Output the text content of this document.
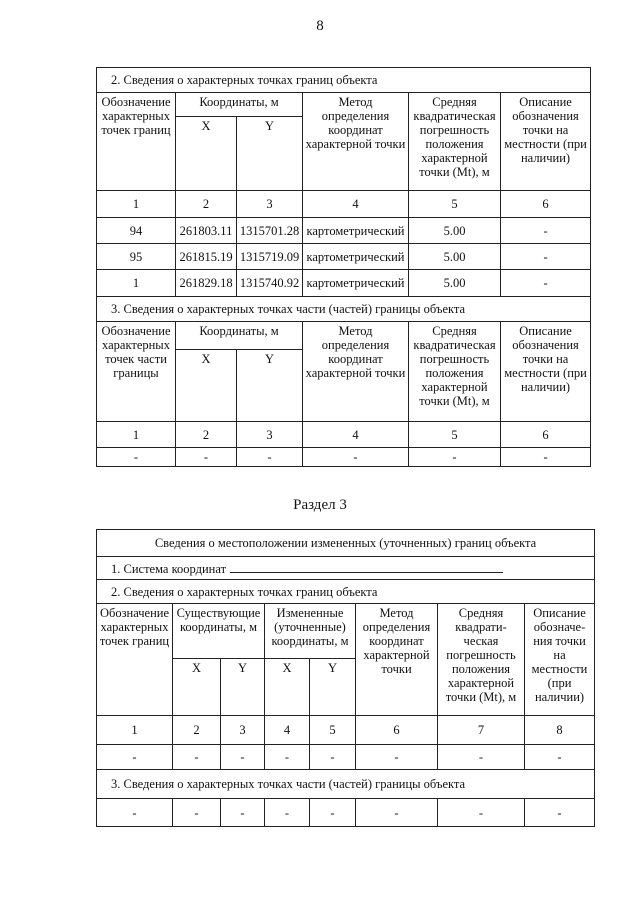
8
2. Сведения о характерных точках границ объекта					
Обозначение характерных точек границ	Координаты, м		Метод определения координат характерной точки	Средняя квадратическая погрешность положения характерной точки (Mt), м	Описание обозначения точки на местности (при наличии)
	X	Y			
1	2	3	4	5	6
94	261803.11	1315701.28	картометрический	5.00	-
95	261815.19	1315719.09	картометрический	5.00	-
1	261829.18	1315740.92	картометрический	5.00	-
3. Сведения о характерных точках части (частей) границы объекта					
Обозначение характерных точек части границы	Координаты, м		Метод определения координат характерной точки	Средняя квадратическая погрешность положения характерной точки (Mt), м	Описание обозначения точки на местности (при наличии)
	X	Y			
1	2	3	4	5	6
-	-	-	-	-	-
Раздел 3
Сведения о местоположении измененных (уточненных) границ объекта							
1. Система координат							
2. Сведения о характерных точках границ объекта							
Обозначение характерных точек границ	Существующие координаты, м		Измененные (уточненные) координаты, м		Метод определения координат характерной точки	Средняя квадрати-ческая погрешность положения характерной точки (Mt), м	Описание обозначе-ния точки на местности (при наличии)
	X	Y	X	Y			
1	2	3	4	5	6	7	8
-	-	-	-	-	-	-	-
3. Сведения о характерных точках части (частей) границы объекта							
-	-	-	-	-	-	-	-
